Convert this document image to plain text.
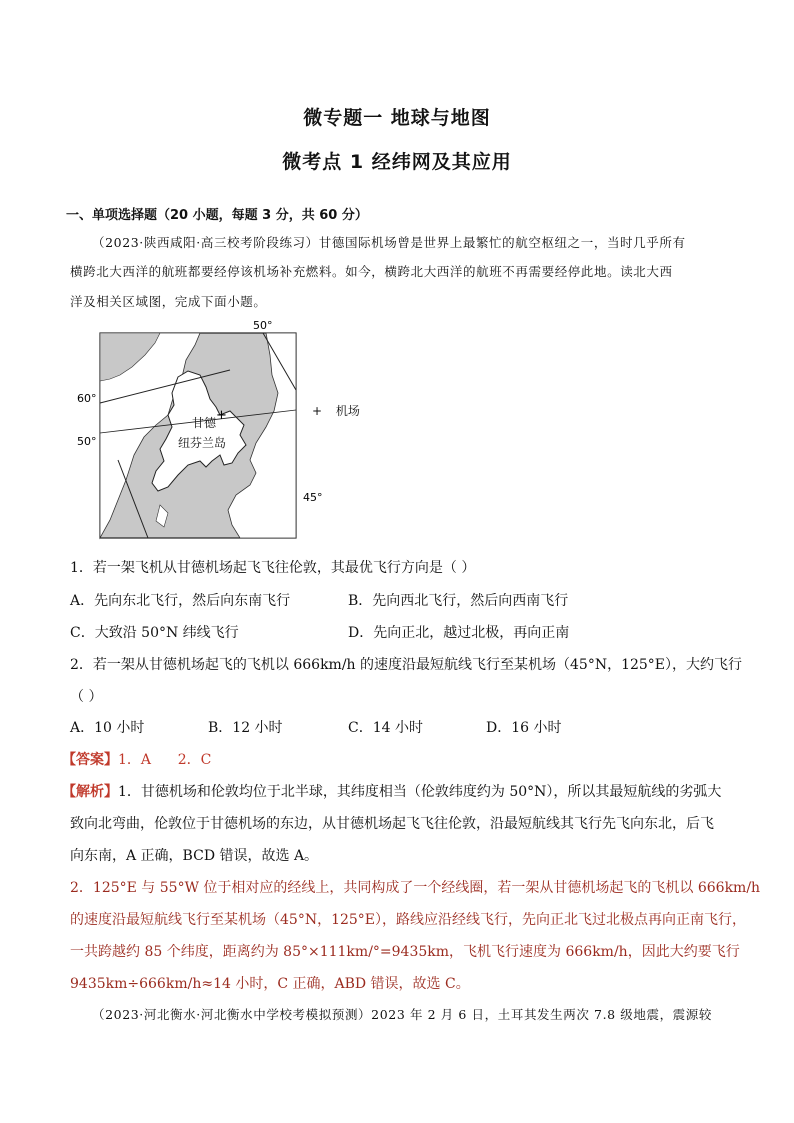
微专题一 地球与地图
微考点 1 经纬网及其应用
一、单项选择题（20 小题，每题 3 分，共 60 分）
（2023·陕西咸阳·高三校考阶段练习）甘德国际机场曾是世界上最繁忙的航空枢纽之一，当时几乎所有
横跨北大西洋的航班都要经停该机场补充燃料。如今，横跨北大西洋的航班不再需要经停此地。读北大西
洋及相关区域图，完成下面小题。
+
甘德
纽芬兰岛
50°
60°
50°
45°
+ 机场
1．若一架飞机从甘德机场起飞飞往伦敦，其最优飞行方向是（ ）
A．先向东北飞行，然后向东南飞行	B．先向西北飞行，然后向西南飞行
C．大致沿 50°N 纬线飞行	D．先向正北，越过北极，再向正南
2．若一架从甘德机场起飞的飞机以 666km/h 的速度沿最短航线飞行至某机场（45°N，125°E），大约飞行
（ ）
A．10 小时	B．12 小时	C．14 小时	D．16 小时
【答案】1．A      2．C
【解析】1．甘德机场和伦敦均位于北半球，其纬度相当（伦敦纬度约为 50°N），所以其最短航线的劣弧大
致向北弯曲，伦敦位于甘德机场的东边，从甘德机场起飞飞往伦敦，沿最短航线其飞行先飞向东北，后飞
向东南，A 正确，BCD 错误，故选 A。
2．125°E 与 55°W 位于相对应的经线上，共同构成了一个经线圈，若一架从甘德机场起飞的飞机以 666km/h
的速度沿最短航线飞行至某机场（45°N，125°E），路线应沿经线飞行，先向正北飞过北极点再向正南飞行，
一共跨越约 85 个纬度，距离约为 85°×111km/°=9435km，飞机飞行速度为 666km/h，因此大约要飞行
9435km÷666km/h≈14 小时，C 正确，ABD 错误，故选 C。
（2023·河北衡水·河北衡水中学校考模拟预测）2023 年 2 月 6 日，土耳其发生两次 7.8 级地震，震源较
